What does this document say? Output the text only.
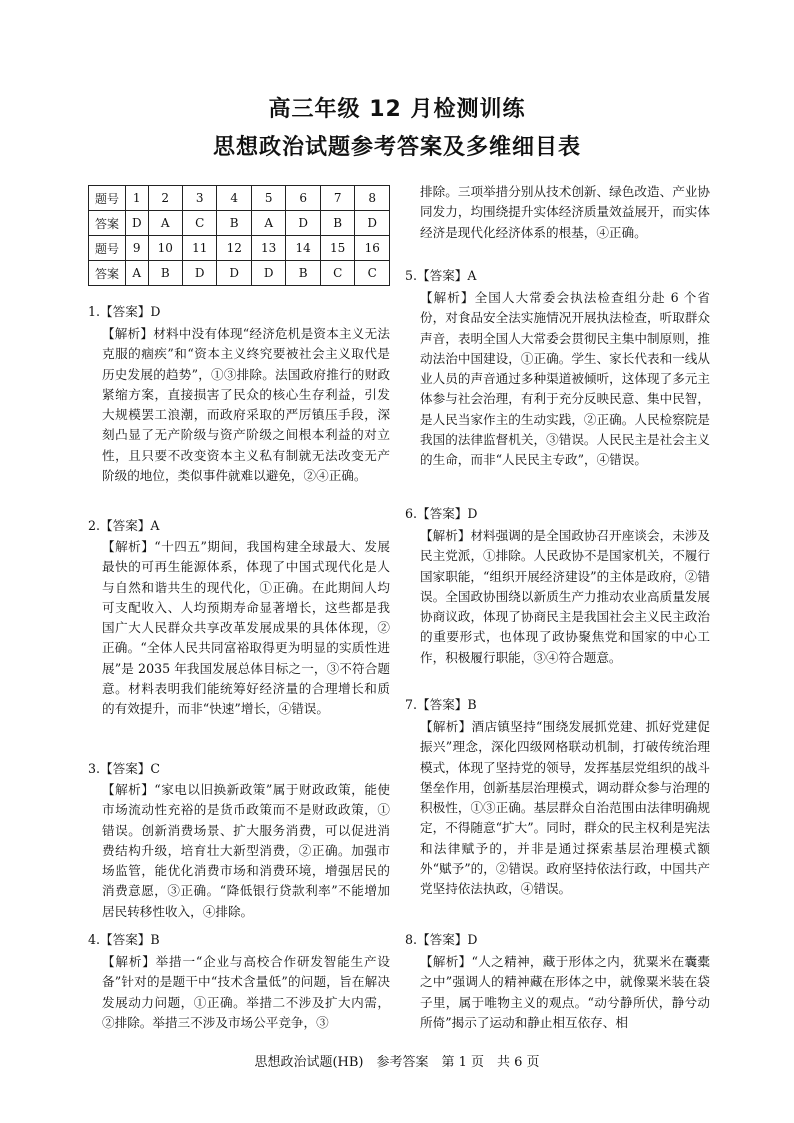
高三年级 12 月检测训练
思想政治试题参考答案及多维细目表
题号	1	2	3	4	5	6	7	8
答案	D	A	C	B	A	D	B	D
题号	9	10	11	12	13	14	15	16
答案	A	B	D	D	D	B	C	C
1.【答案】D

【解析】材料中没有体现“经济危机是资本主义无法克服的痼疾”和“资本主义终究要被社会主义取代是历史发展的趋势”，①③排除。法国政府推行的财政紧缩方案，直接损害了民众的核心生存利益，引发大规模罢工浪潮，而政府采取的严厉镇压手段，深刻凸显了无产阶级与资产阶级之间根本利益的对立性，且只要不改变资本主义私有制就无法改变无产阶级的地位，类似事件就难以避免，②④正确。

2.【答案】A

【解析】“十四五”期间，我国构建全球最大、发展最快的可再生能源体系，体现了中国式现代化是人与自然和谐共生的现代化，①正确。在此期间人均可支配收入、人均预期寿命显著增长，这些都是我国广大人民群众共享改革发展成果的具体体现，②正确。“全体人民共同富裕取得更为明显的实质性进展”是 2035 年我国发展总体目标之一，③不符合题意。材料表明我们能统筹好经济量的合理增长和质的有效提升，而非“快速”增长，④错误。

3.【答案】C

【解析】“家电以旧换新政策”属于财政政策，能使市场流动性充裕的是货币政策而不是财政政策，①错误。创新消费场景、扩大服务消费，可以促进消费结构升级，培育壮大新型消费，②正确。加强市场监管，能优化消费市场和消费环境，增强居民的消费意愿，③正确。“降低银行贷款利率”不能增加居民转移性收入，④排除。

4.【答案】B

【解析】举措一“企业与高校合作研发智能生产设备”针对的是题干中“技术含量低”的问题，旨在解决发展动力问题，①正确。举措二不涉及扩大内需，②排除。举措三不涉及市场公平竞争，③

排除。三项举措分别从技术创新、绿色改造、产业协同发力，均围绕提升实体经济质量效益展开，而实体经济是现代化经济体系的根基，④正确。

5.【答案】A

【解析】全国人大常委会执法检查组分赴 6 个省份，对食品安全法实施情况开展执法检查，听取群众声音，表明全国人大常委会贯彻民主集中制原则，推动法治中国建设，①正确。学生、家长代表和一线从业人员的声音通过多种渠道被倾听，这体现了多元主体参与社会治理，有利于充分反映民意、集中民智，是人民当家作主的生动实践，②正确。人民检察院是我国的法律监督机关，③错误。人民民主是社会主义的生命，而非“人民民主专政”，④错误。

6.【答案】D

【解析】材料强调的是全国政协召开座谈会，未涉及民主党派，①排除。人民政协不是国家机关，不履行国家职能，“组织开展经济建设”的主体是政府，②错误。全国政协围绕以新质生产力推动农业高质量发展协商议政，体现了协商民主是我国社会主义民主政治的重要形式，也体现了政协聚焦党和国家的中心工作，积极履行职能，③④符合题意。

7.【答案】B

【解析】酒店镇坚持“围绕发展抓党建、抓好党建促振兴”理念，深化四级网格联动机制，打破传统治理模式，体现了坚持党的领导，发挥基层党组织的战斗堡垒作用，创新基层治理模式，调动群众参与治理的积极性，①③正确。基层群众自治范围由法律明确规定，不得随意“扩大”。同时，群众的民主权利是宪法和法律赋予的，并非是通过探索基层治理模式额外“赋予”的，②错误。政府坚持依法行政，中国共产党坚持依法执政，④错误。

8.【答案】D

【解析】“人之精神，藏于形体之内，犹粟米在囊橐之中”强调人的精神藏在形体之中，就像粟米装在袋子里，属于唯物主义的观点。“动兮静所伏，静兮动所倚”揭示了运动和静止相互依存、相

思想政治试题(HB)　参考答案　第 1 页　共 6 页
